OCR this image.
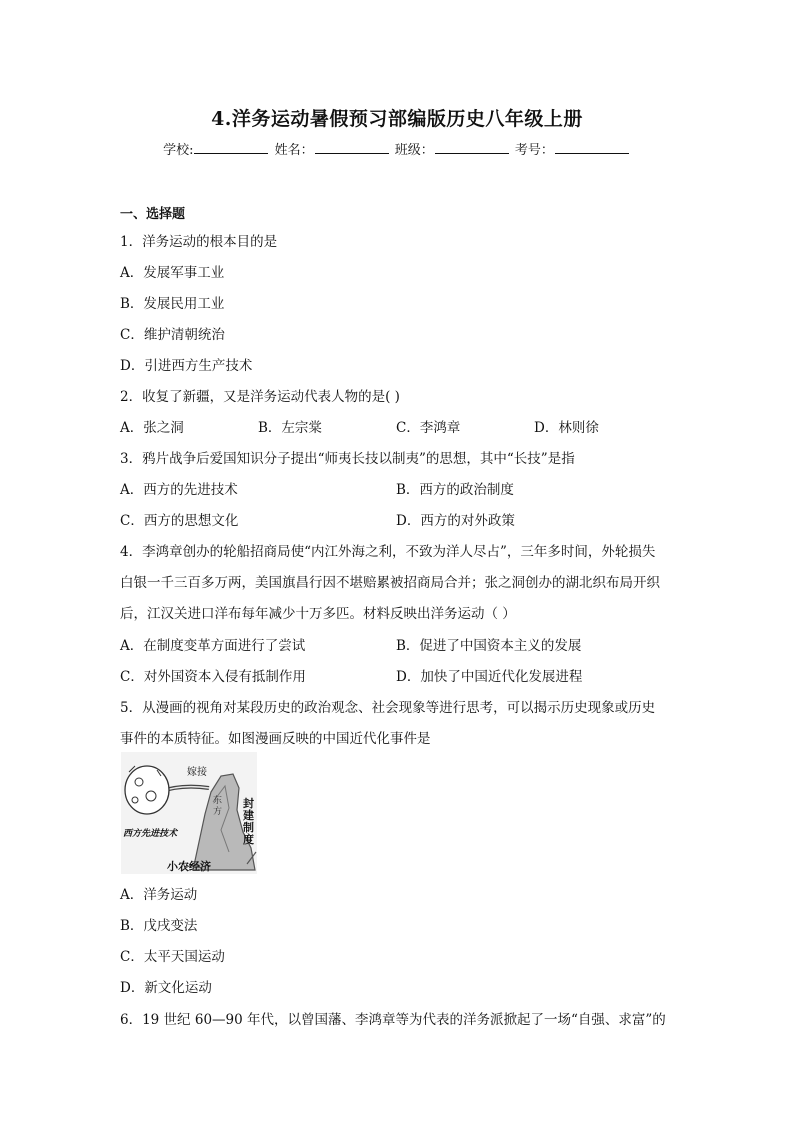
4.洋务运动暑假预习部编版历史八年级上册
学校:	姓名：	班级：	考号：
一、选择题
1．洋务运动的根本目的是
A．发展军事工业
B．发展民用工业
C．维护清朝统治
D．引进西方生产技术
2．收复了新疆，又是洋务运动代表人物的是( )
A．张之洞	B．左宗棠	C．李鸿章	D．林则徐
3．鸦片战争后爱国知识分子提出“师夷长技以制夷”的思想，其中“长技”是指
A．西方的先进技术	B．西方的政治制度
C．西方的思想文化	D．西方的对外政策
4．李鸿章创办的轮船招商局使“内江外海之利，不致为洋人尽占”，三年多时间，外轮损失
白银一千三百多万两，美国旗昌行因不堪赔累被招商局合并；张之洞创办的湖北织布局开织
后，江汉关进口洋布每年减少十万多匹。材料反映出洋务运动（ ）
A．在制度变革方面进行了尝试	B．促进了中国资本主义的发展
C．对外国资本入侵有抵制作用	D．加快了中国近代化发展进程
5．从漫画的视角对某段历史的政治观念、社会现象等进行思考，可以揭示历史现象或历史
事件的本质特征。如图漫画反映的中国近代化事件是
嫁接
西方先进技术
东方
封建制度
小农经济
A．洋务运动
B．戊戌变法
C．太平天国运动
D．新文化运动
6．19 世纪 60—90 年代，以曾国藩、李鸿章等为代表的洋务派掀起了一场“自强、求富”的
